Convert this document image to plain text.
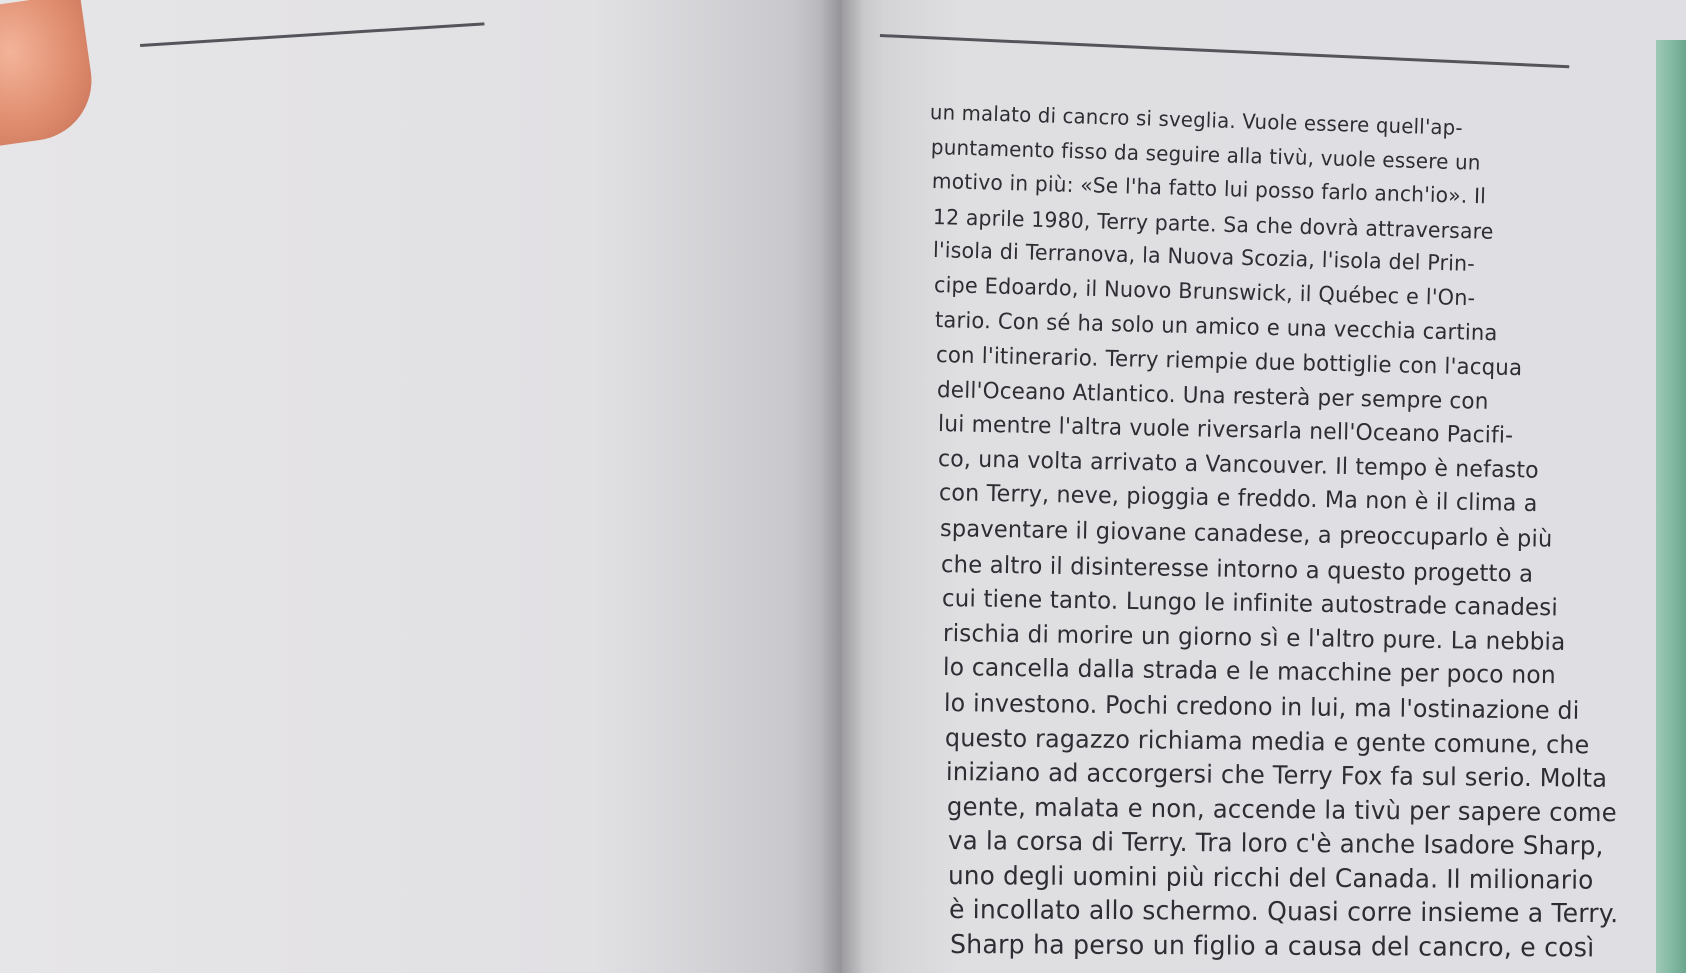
un malato di cancro si sveglia. Vuole essere quell'ap-
puntamento fisso da seguire alla tivù, vuole essere un
motivo in più: «Se l'ha fatto lui posso farlo anch'io». Il
12 aprile 1980, Terry parte. Sa che dovrà attraversare
l'isola di Terranova, la Nuova Scozia, l'isola del Prin-
cipe Edoardo, il Nuovo Brunswick, il Québec e l'On-
tario. Con sé ha solo un amico e una vecchia cartina
con l'itinerario. Terry riempie due bottiglie con l'acqua
dell'Oceano Atlantico. Una resterà per sempre con
lui mentre l'altra vuole riversarla nell'Oceano Pacifi-
co, una volta arrivato a Vancouver. Il tempo è nefasto
con Terry, neve, pioggia e freddo. Ma non è il clima a
spaventare il giovane canadese, a preoccuparlo è più
che altro il disinteresse intorno a questo progetto a
cui tiene tanto. Lungo le infinite autostrade canadesi
rischia di morire un giorno sì e l'altro pure. La nebbia
lo cancella dalla strada e le macchine per poco non
lo investono. Pochi credono in lui, ma l'ostinazione di
questo ragazzo richiama media e gente comune, che
iniziano ad accorgersi che Terry Fox fa sul serio. Molta
gente, malata e non, accende la tivù per sapere come
va la corsa di Terry. Tra loro c'è anche Isadore Sharp,
uno degli uomini più ricchi del Canada. Il milionario
è incollato allo schermo. Quasi corre insieme a Terry.
Sharp ha perso un figlio a causa del cancro, e così
